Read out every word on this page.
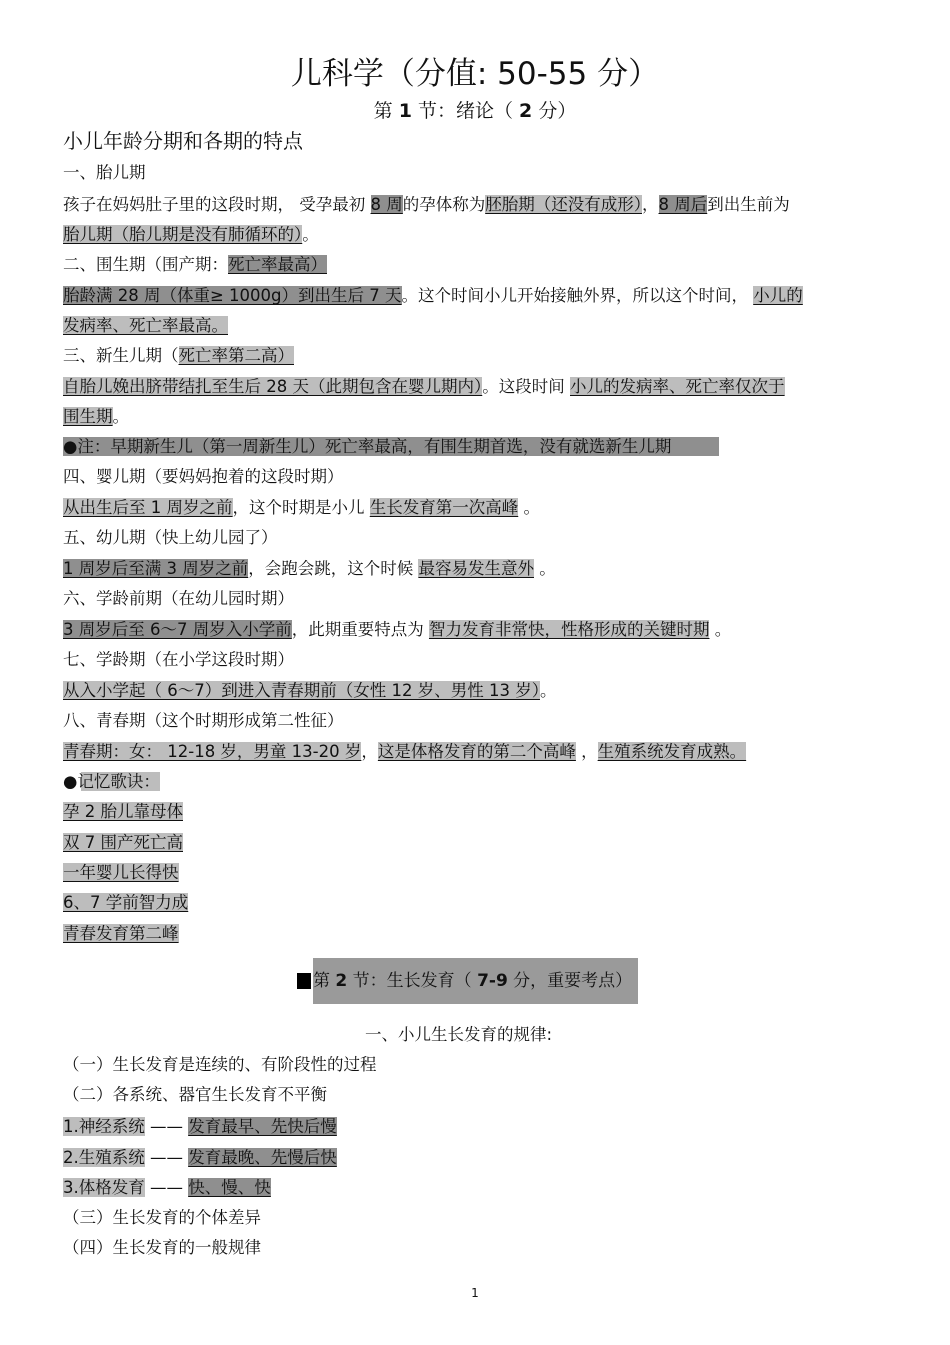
儿科学（分值: 50-55 分）
第 1 节：绪论（ 2 分）
小儿年龄分期和各期的特点
一、胎儿期
孩子在妈妈肚子里的这段时期， 受孕最初 8 周的孕体称为胚胎期（还没有成形），8 周后到出生前为
胎儿期（胎儿期是没有肺循环的）。
二、围生期（围产期：死亡率最高）
胎龄满 28 周（体重≥ 1000g）到出生后 7 天。这个时间小儿开始接触外界，所以这个时间， 小儿的
发病率、死亡率最高。
三、新生儿期（死亡率第二高）
自胎儿娩出脐带结扎至生后 28 天（此期包含在婴儿期内）。这段时间 小儿的发病率、死亡率仅次于
围生期。
●注：早期新生儿（第一周新生儿）死亡率最高，有围生期首选，没有就选新生儿期
四、婴儿期（要妈妈抱着的这段时期）
从出生后至 1 周岁之前，这个时期是小儿 生长发育第一次高峰 。
五、幼儿期（快上幼儿园了）
1 周岁后至满 3 周岁之前，会跑会跳，这个时候 最容易发生意外 。
六、学龄前期（在幼儿园时期）
3 周岁后至 6～7 周岁入小学前，此期重要特点为 智力发育非常快，性格形成的关键时期 。
七、学龄期（在小学这段时期）
从入小学起（ 6～7）到进入青春期前（女性 12 岁、男性 13 岁）。
八、青春期（这个时期形成第二性征）
青春期：女： 12-18 岁，男童 13-20 岁，这是体格发育的第二个高峰 ，生殖系统发育成熟。
●记忆歌诀：
孕 2 胎儿靠母体
双 7 围产死亡高
一年婴儿长得快
6、7 学前智力成
青春发育第二峰
第 2 节：生长发育（ 7-9 分，重要考点）
一、小儿生长发育的规律:
（一）生长发育是连续的、有阶段性的过程
（二）各系统、器官生长发育不平衡
1.神经系统 —— 发育最早、先快后慢
2.生殖系统 —— 发育最晚、先慢后快
3.体格发育 —— 快、慢、快
（三）生长发育的个体差异
（四）生长发育的一般规律
1
